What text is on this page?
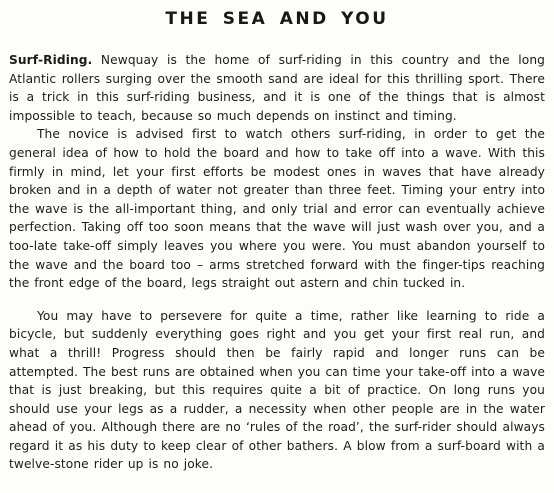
THE SEA AND YOU

Surf-Riding. Newquay is the home of surf-riding in this country and the long Atlantic rollers surging over the smooth sand are ideal for this thrilling sport. There is a trick in this surf-riding business, and it is one of the things that is almost impossible to teach, because so much depends on instinct and timing.

The novice is advised first to watch others surf-riding, in order to get the general idea of how to hold the board and how to take off into a wave. With this firmly in mind, let your first efforts be modest ones in waves that have already broken and in a depth of water not greater than three feet. Timing your entry into the wave is the all-important thing, and only trial and error can eventually achieve perfection. Taking off too soon means that the wave will just wash over you, and a too-late take-off simply leaves you where you were. You must abandon yourself to the wave and the board too – arms stretched forward with the finger-tips reaching the front edge of the board, legs straight out astern and chin tucked in.

You may have to persevere for quite a time, rather like learning to ride a bicycle, but suddenly everything goes right and you get your first real run, and what a thrill! Progress should then be fairly rapid and longer runs can be attempted. The best runs are obtained when you can time your take-off into a wave that is just breaking, but this requires quite a bit of practice. On long runs you should use your legs as a rudder, a necessity when other people are in the water ahead of you. Although there are no ‘rules of the road’, the surf-rider should always regard it as his duty to keep clear of other bathers. A blow from a surf-board with a twelve-stone rider up is no joke.
